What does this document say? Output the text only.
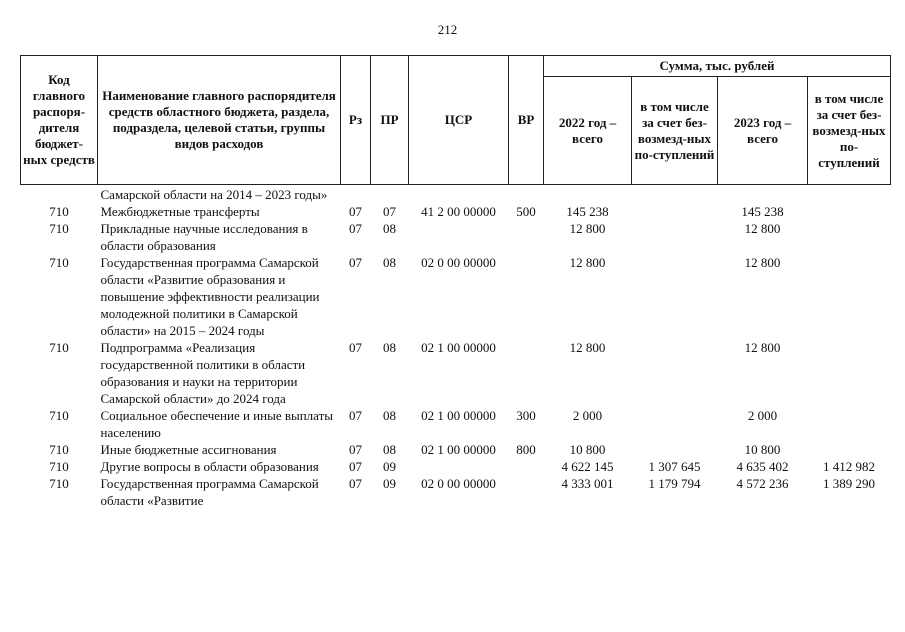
212
Код главного распоря-дителя бюджет-ных средств	Наименование главного распорядителя средств областного бюджета, раздела, подраздела, целевой статьи, группы видов расходов	Рз	ПР	ЦСР	ВР	Сумма, тыс. рублей			
						2022 год – всего	в том числе за счет без-возмезд-ных по-ступлений	2023 год – всего	в том числе за счет без-возмезд-ных по-ступлений
	Самарской области на 2014 – 2023 годы»								
710	Межбюджетные трансферты	07	07	41 2 00 00000	500	145 238		145 238	
710	Прикладные научные исследования в области образования	07	08			12 800		12 800	
710	Государственная программа Самарской области «Развитие образования и повышение эффективности реализации молодежной политики в Самарской области» на 2015 – 2024 годы	07	08	02 0 00 00000		12 800		12 800	
710	Подпрограмма «Реализация государственной политики в области образования и науки на территории Самарской области» до 2024 года	07	08	02 1 00 00000		12 800		12 800	
710	Социальное обеспечение и иные выплаты населению	07	08	02 1 00 00000	300	2 000		2 000	
710	Иные бюджетные ассигнования	07	08	02 1 00 00000	800	10 800		10 800	
710	Другие вопросы в области образования	07	09			4 622 145	1 307 645	4 635 402	1 412 982
710	Государственная программа Самарской области «Развитие	07	09	02 0 00 00000		4 333 001	1 179 794	4 572 236	1 389 290
